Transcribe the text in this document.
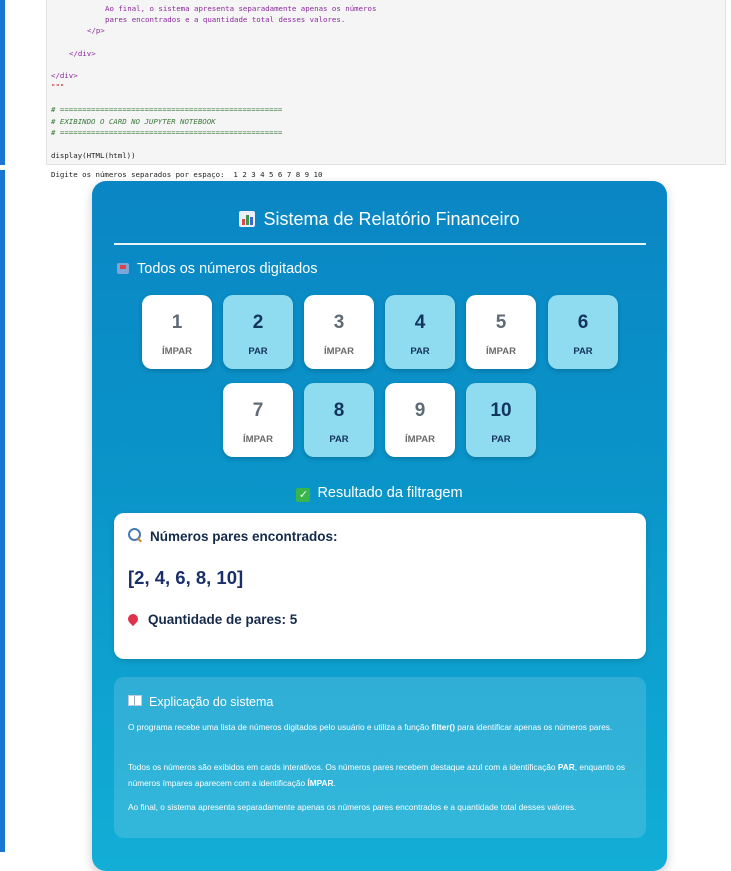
Ao final, o sistema apresenta separadamente apenas os números
pares encontrados e a quantidade total desses valores.
</p>
</div>
</div>
"""
# ==================================================
# EXIBINDO O CARD NO JUPYTER NOTEBOOK
# ==================================================
display(HTML(html))
Digite os números separados por espaço:  1 2 3 4 5 6 7 8 9 10
Sistema de Relatório Financeiro
Todos os números digitados
1
ÍMPAR
2
PAR
3
ÍMPAR
4
PAR
5
ÍMPAR
6
PAR
7
ÍMPAR
8
PAR
9
ÍMPAR
10
PAR
✓ Resultado da filtragem
Números pares encontrados:
[2, 4, 6, 8, 10]
Quantidade de pares: 5
Explicação do sistema
O programa recebe uma lista de números digitados pelo usuário e utiliza a função filter() para identificar apenas os números pares.
Todos os números são exibidos em cards interativos. Os números pares recebem destaque azul com a identificação PAR, enquanto os números ímpares aparecem com a identificação ÍMPAR.
Ao final, o sistema apresenta separadamente apenas os números pares encontrados e a quantidade total desses valores.
